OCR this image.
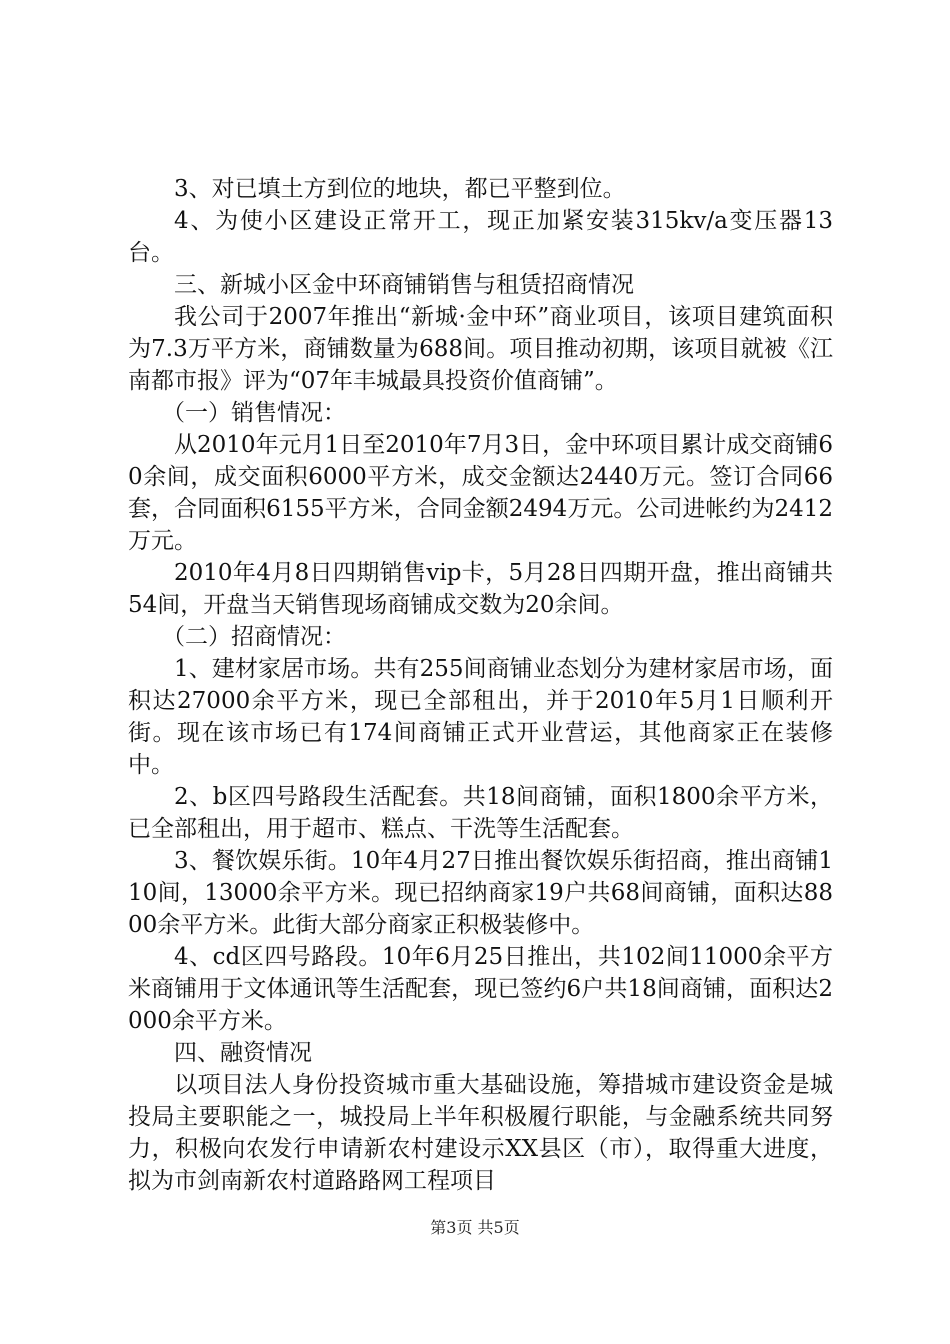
3、对已填土方到位的地块，都已平整到位。

4、为使小区建设正常开工，现正加紧安装315kv/a变压器13台。

三、新城小区金中环商铺销售与租赁招商情况

我公司于2007年推出“新城·金中环”商业项目，该项目建筑面积为7.3万平方米，商铺数量为688间。项目推动初期，该项目就被《江南都市报》评为“07年丰城最具投资价值商铺”。

（一）销售情况：

从2010年元月1日至2010年7月3日，金中环项目累计成交商铺60余间，成交面积6000平方米，成交金额达2440万元。签订合同66套，合同面积6155平方米，合同金额2494万元。公司进帐约为2412万元。

2010年4月8日四期销售vip卡，5月28日四期开盘，推出商铺共54间，开盘当天销售现场商铺成交数为20余间。

（二）招商情况：

1、建材家居市场。共有255间商铺业态划分为建材家居市场，面积达27000余平方米，现已全部租出，并于2010年5月1日顺利开街。现在该市场已有174间商铺正式开业营运，其他商家正在装修中。

2、b区四号路段生活配套。共18间商铺，面积1800余平方米，已全部租出，用于超市、糕点、干洗等生活配套。

3、餐饮娱乐街。10年4月27日推出餐饮娱乐街招商，推出商铺110间，13000余平方米。现已招纳商家19户共68间商铺，面积达8800余平方米。此街大部分商家正积极装修中。

4、cd区四号路段。10年6月25日推出，共102间11000余平方米商铺用于文体通讯等生活配套，现已签约6户共18间商铺，面积达2000余平方米。

四、融资情况

以项目法人身份投资城市重大基础设施，筹措城市建设资金是城投局主要职能之一，城投局上半年积极履行职能，与金融系统共同努力，积极向农发行申请新农村建设示XX县区（市），取得重大进度，拟为市剑南新农村道路路网工程项目

第3页 共5页
